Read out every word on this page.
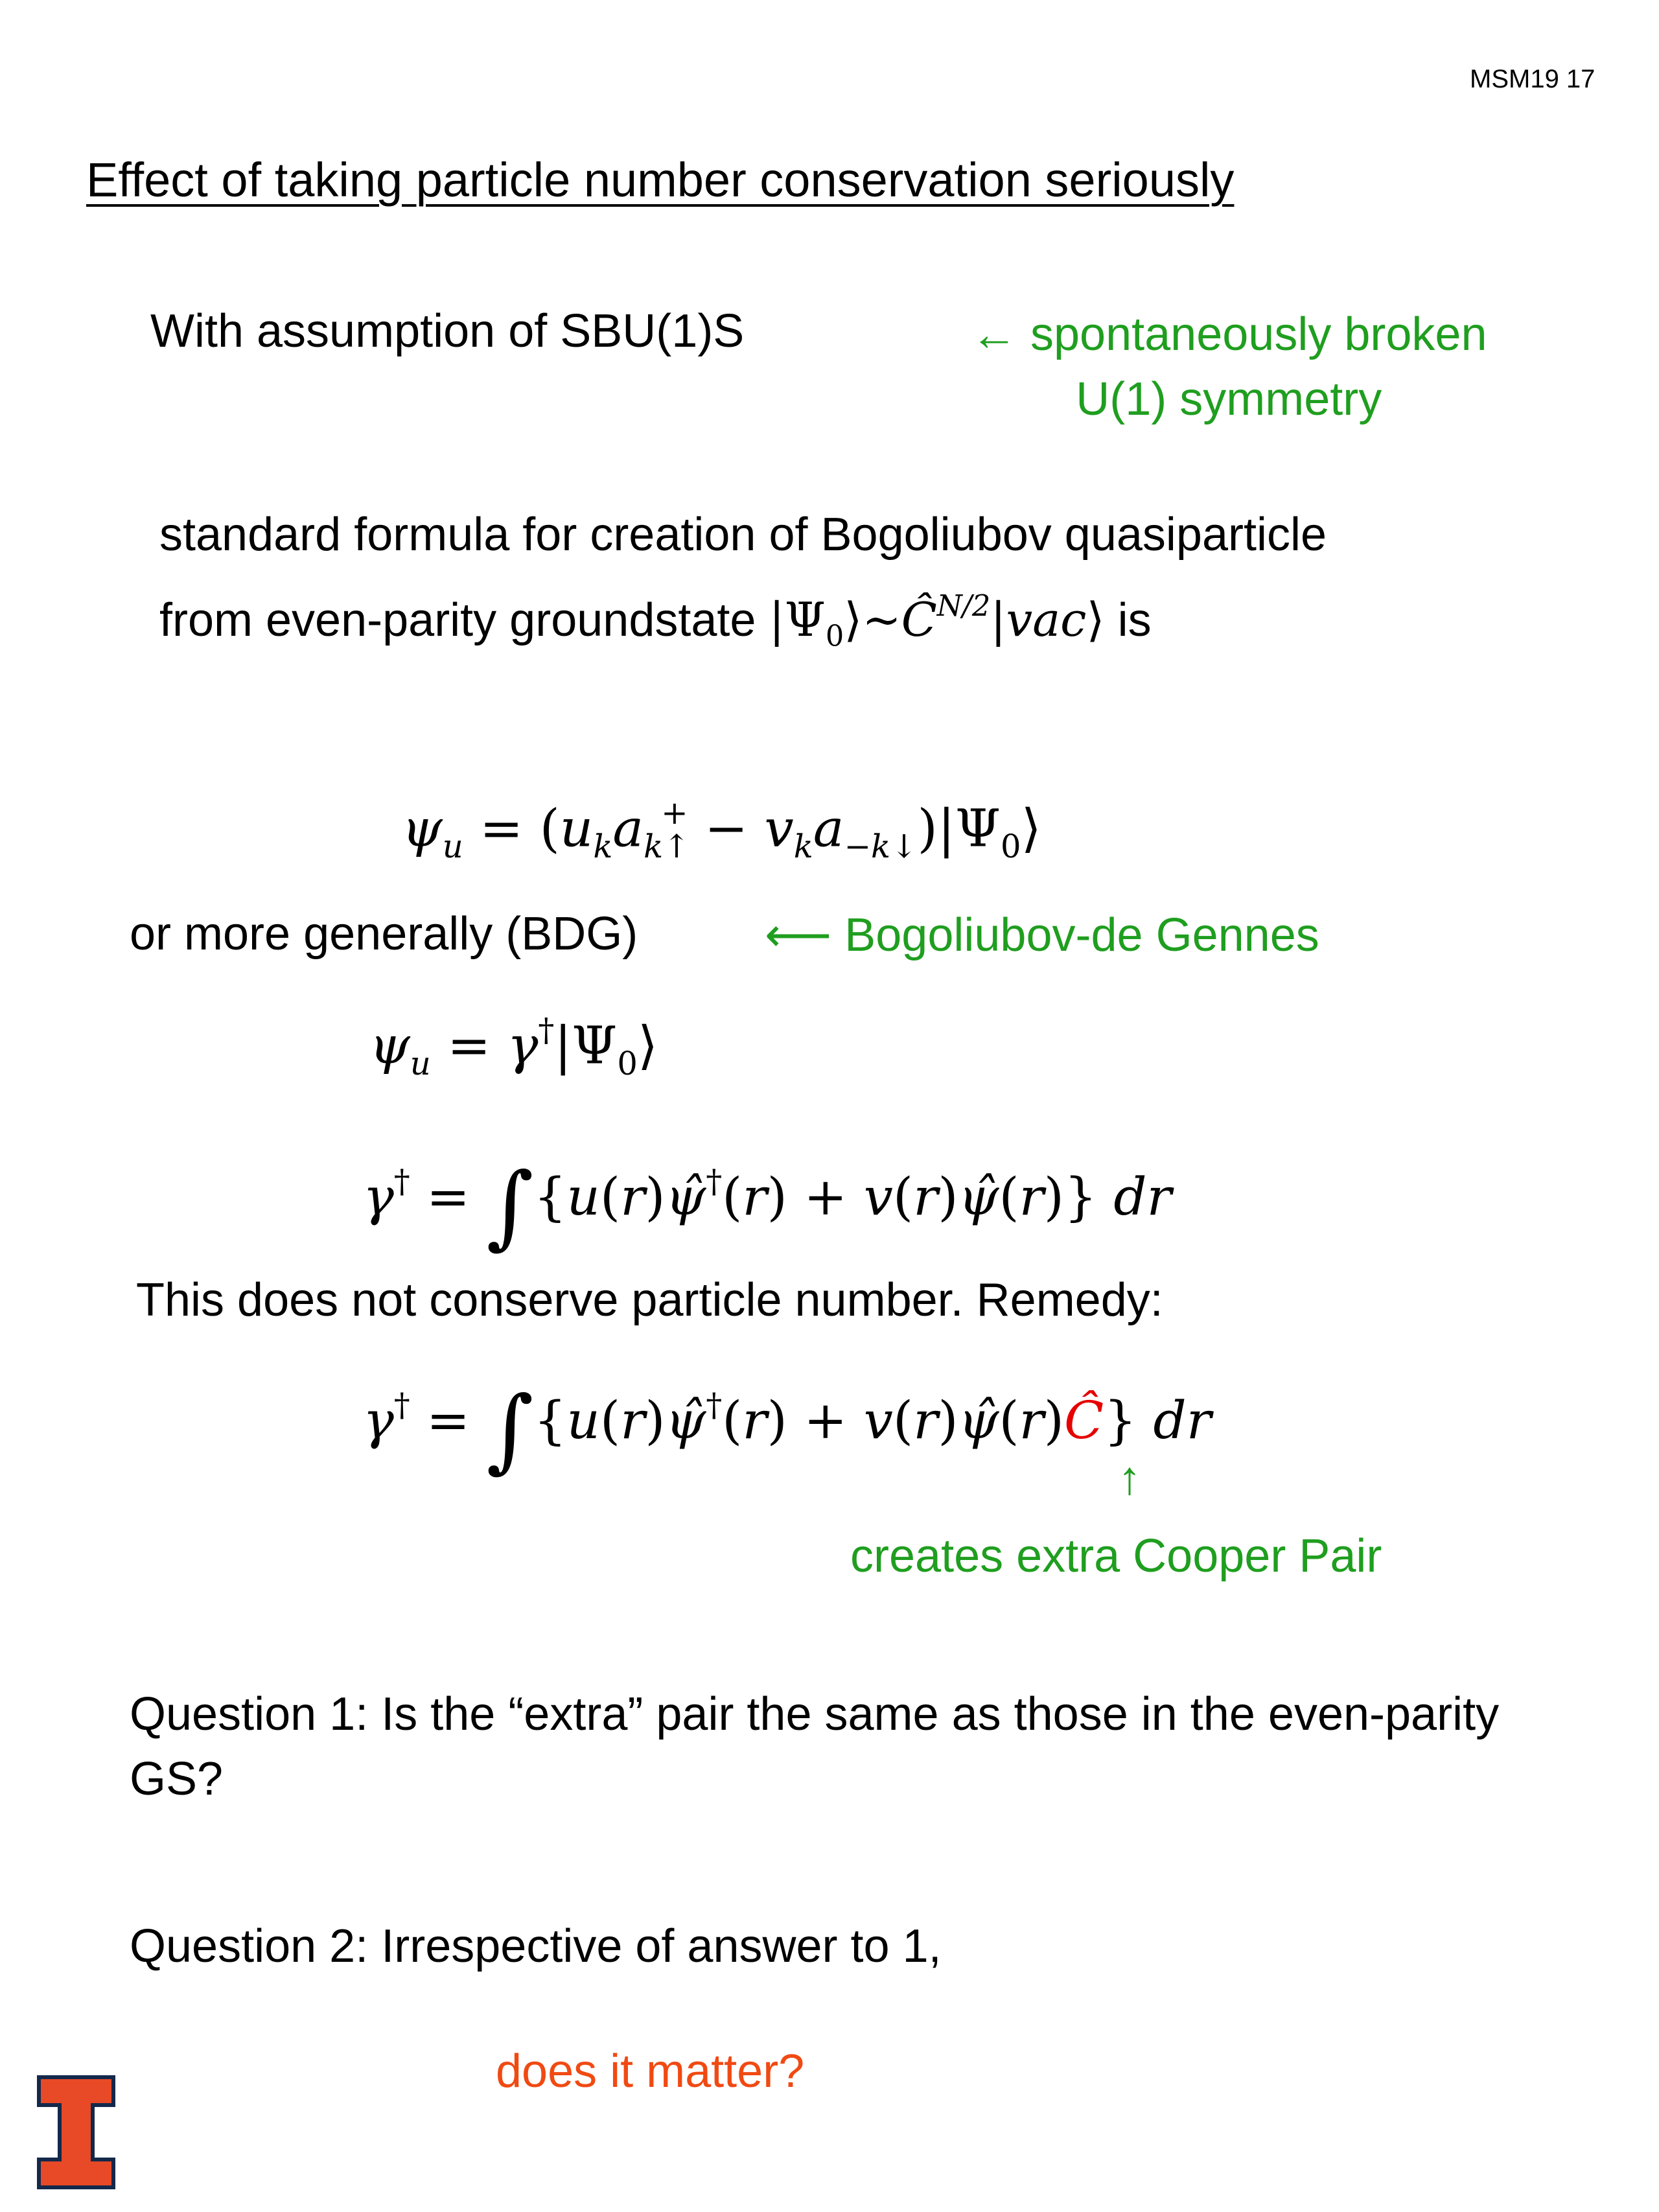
MSM19 17
Effect of taking particle number conservation seriously
With assumption of SBU(1)S	← spontaneously broken
U(1) symmetry
standard formula for creation of Bogoliubov quasiparticle
from even-parity groundstate $|\Psi_0⟩\sim Ĉ^{N/2}|vac⟩$ is
$\psi_u = (u_ka_{k↑}^+$ − $v_ka_{-k↓})|\Psi_0⟩$
or more generally (BDG)	⟵ Bogoliubov-de Gennes
$\psi_u$ = $\gamma^\dagger|\Psi_0⟩$
γ† = ∫{u(r)ψ̂†(r) + v(r)ψ̂(r)} dr
This does not conserve particle number. Remedy:
γ† = ∫{u(r)ψ̂†(r) + v(r)ψ̂(r)Ĉ} dr
↑
creates extra Cooper Pair
Question 1: Is the “extra” pair the same as those in the even-parity
GS?
Question 2: Irrespective of answer to 1,
does it matter?
